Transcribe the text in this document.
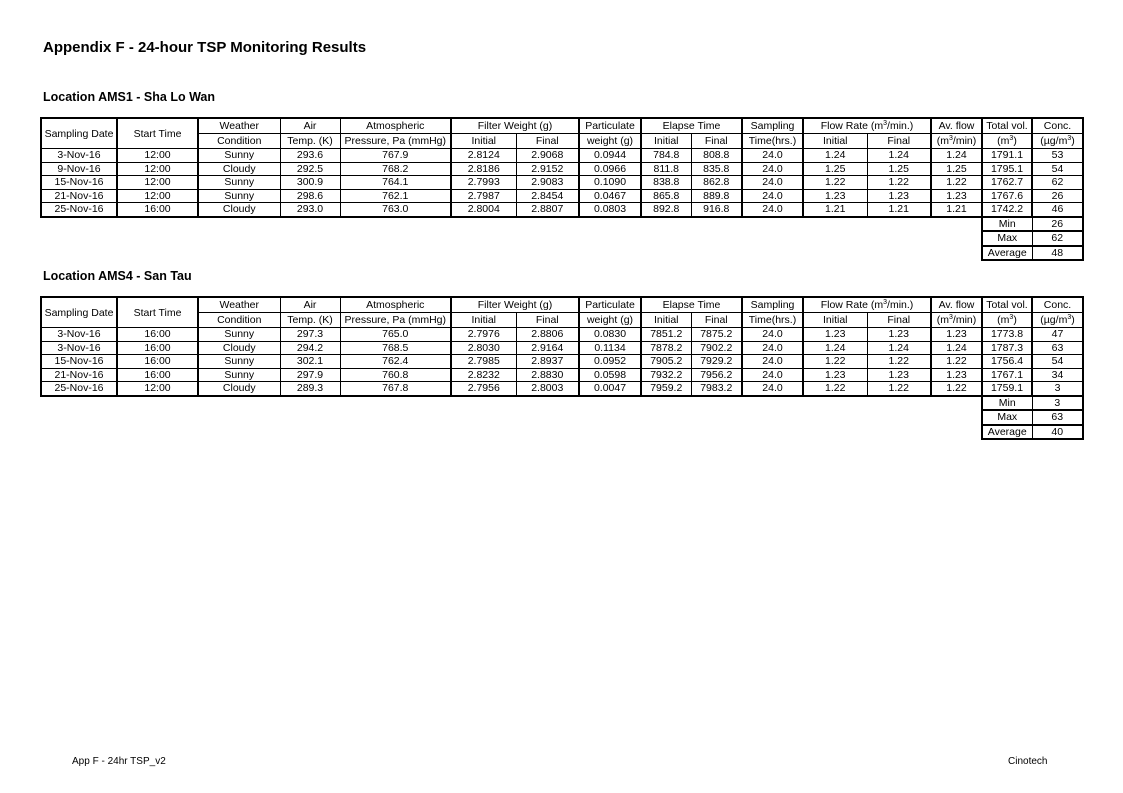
Appendix F - 24-hour TSP Monitoring Results
Location AMS1 - Sha Lo Wan
Sampling Date	Start Time	Weather	Air	Atmospheric	Filter Weight (g)		Particulate	Elapse Time		Sampling	Flow Rate $(m^3/\min.)$		Av. flow	Total vol.	Conc.
		Condition	Temp. (K)	Pressure, Pa (mmHg)	Initial	Final	weight (g)	Initial	Final	Time(hrs.)	Initial	Final	$(m^3/\min)$	$(m^3)$	$(\mu g/m^3)$
3-Nov-16	12:00	Sunny	293.6	767.9	2.8124	2.9068	0.0944	784.8	808.8	24.0	1.24	1.24	1.24	1791.1	53
9-Nov-16	12:00	Cloudy	292.5	768.2	2.8186	2.9152	0.0966	811.8	835.8	24.0	1.25	1.25	1.25	1795.1	54
15-Nov-16	12:00	Sunny	300.9	764.1	2.7993	2.9083	0.1090	838.8	862.8	24.0	1.22	1.22	1.22	1762.7	62
21-Nov-16	12:00	Sunny	298.6	762.1	2.7987	2.8454	0.0467	865.8	889.8	24.0	1.23	1.23	1.23	1767.6	26
25-Nov-16	16:00	Cloudy	293.0	763.0	2.8004	2.8807	0.0803	892.8	916.8	24.0	1.21	1.21	1.21	1742.2	46
														Min	26
														Max	62
														Average	48
Location AMS4 - San Tau
Sampling Date	Start Time	Weather	Air	Atmospheric	Filter Weight (g)		Particulate	Elapse Time		Sampling	Flow Rate $(m^3/\min.)$		Av. flow	Total vol.	Conc.
		Condition	Temp. (K)	Pressure, Pa (mmHg)	Initial	Final	weight (g)	Initial	Final	Time(hrs.)	Initial	Final	$(m^3/\min)$	$(m^3)$	$(\mu g/m^3)$
3-Nov-16	16:00	Sunny	297.3	765.0	2.7976	2.8806	0.0830	7851.2	7875.2	24.0	1.23	1.23	1.23	1773.8	47
3-Nov-16	16:00	Cloudy	294.2	768.5	2.8030	2.9164	0.1134	7878.2	7902.2	24.0	1.24	1.24	1.24	1787.3	63
15-Nov-16	16:00	Sunny	302.1	762.4	2.7985	2.8937	0.0952	7905.2	7929.2	24.0	1.22	1.22	1.22	1756.4	54
21-Nov-16	16:00	Sunny	297.9	760.8	2.8232	2.8830	0.0598	7932.2	7956.2	24.0	1.23	1.23	1.23	1767.1	34
25-Nov-16	12:00	Cloudy	289.3	767.8	2.7956	2.8003	0.0047	7959.2	7983.2	24.0	1.22	1.22	1.22	1759.1	3
														Min	3
														Max	63
														Average	40
App F - 24hr TSP_v2	Cinotech
